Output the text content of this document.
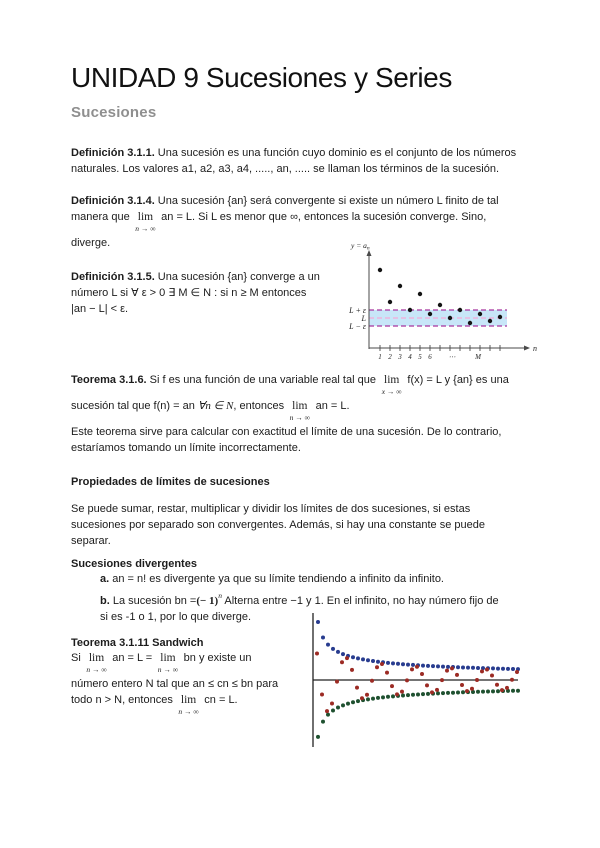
UNIDAD 9 Sucesiones y Series
Sucesiones
Definición 3.1.1. Una sucesión es una función cuyo dominio es el conjunto de los números
naturales. Los valores a1, a2, a3, a4, ....., an, ..... se llaman los términos de la sucesión.
Definición 3.1.4. Una sucesión {an} será convergente si existe un número L finito de tal
manera que lim
n → ∞
an = L. Si L es menor que ∞, entonces la sucesión converge. Sino,
diverge.
Definición 3.1.5. Una sucesión {an} converge a un
número L si ∀ ε > 0 ∃ M ∈ N : si n ≥ M entonces
|an − L| < ε.
Teorema 3.1.6. Si f es una función de una variable real tal que lim
x → ∞
f(x) = L y {an} es una
sucesión tal que f(n) = an ∀n ∈ N, entonces lim
n → ∞
an = L.
Este teorema sirve para calcular con exactitud el límite de una sucesión. De lo contrario,
estaríamos tomando un límite incorrectamente.
Propiedades de límites de sucesiones
Se puede sumar, restar, multiplicar y dividir los límites de dos sucesiones, si estas
sucesiones por separado son convergentes. Además, si hay una constante se puede
separar.
Sucesiones divergentes
a. an = n! es divergente ya que su límite tendiendo a infinito da infinito.
b. La sucesión bn =(− 1)$^n$ Alterna entre −1 y 1. En el infinito, no hay número fijo de
si es -1 o 1, por lo que diverge.
Teorema 3.1.11 Sandwich
Si lim
n → ∞
an = L = lim
n → ∞
bn y existe un
número entero N tal que an ≤ cn ≤ bn para
todo n > N, entonces lim
n → ∞
cn = L.
$y = a_n$
L + ε
L
L − ε
1 2 3 4 5 6 ⋯	M
n
